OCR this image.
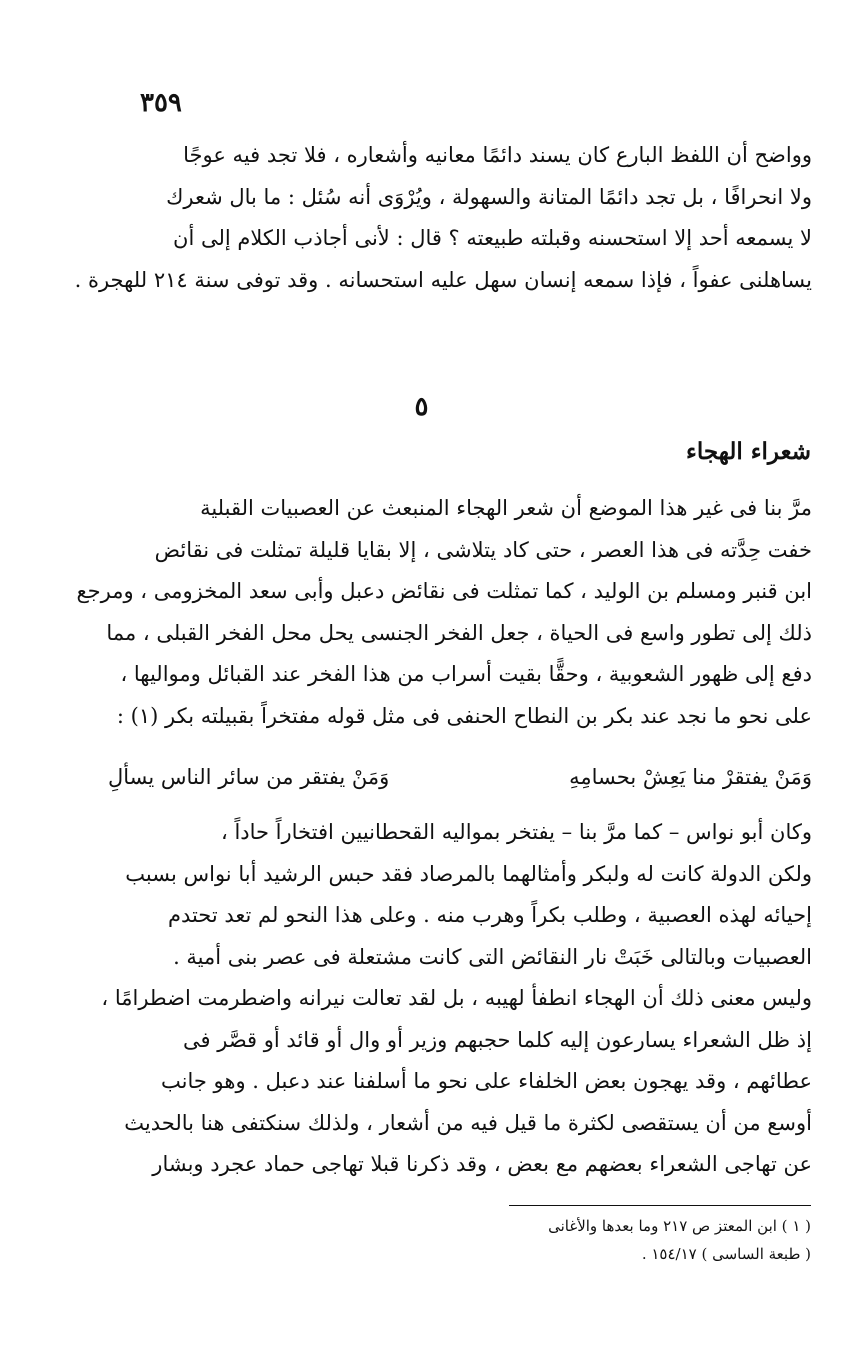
٣٥٩
وواضح أن اللفظ البارع كان يسند دائمًا معانيه وأشعاره ، فلا تجد فيه عوجًا
ولا انحرافًا ، بل تجد دائمًا المتانة والسهولة ، ويُرْوَى أنه سُئل : ما بال شعرك
لا يسمعه أحد إلا استحسنه وقبلته طبيعته ؟ قال : لأنى أجاذب الكلام إلى أن
يساهلنى عفواً ، فإذا سمعه إنسان سهل عليه استحسانه . وقد توفى سنة ٢١٤ للهجرة .
٥
شعراء الهجاء
مرَّ بنا فى غير هذا الموضع أن شعر الهجاء المنبعث عن العصبيات القبلية
خفت حِدَّته فى هذا العصر ، حتى كاد يتلاشى ، إلا بقايا قليلة تمثلت فى نقائض
ابن قنبر ومسلم بن الوليد ، كما تمثلت فى نقائض دعبل وأبى سعد المخزومى ، ومرجع
ذلك إلى تطور واسع فى الحياة ، جعل الفخر الجنسى يحل محل الفخر القبلى ، مما
دفع إلى ظهور الشعوبية ، وحقًّا بقيت أسراب من هذا الفخر عند القبائل ومواليها ،
على نحو ما نجد عند بكر بن النطاح الحنفى فى مثل قوله مفتخراً بقبيلته بكر (١) :
وَمَنْ يفتقرْ منا يَعِشْ بحسامِهِ
وَمَنْ يفتقر من سائر الناس يسألِ
وكان أبو نواس – كما مرَّ بنا – يفتخر بمواليه القحطانيين افتخاراً حاداً ،
ولكن الدولة كانت له ولبكر وأمثالهما بالمرصاد فقد حبس الرشيد أبا نواس بسبب
إحيائه لهذه العصبية ، وطلب بكراً وهرب منه . وعلى هذا النحو لم تعد تحتدم
العصبيات وبالتالى خَبَتْ نار النقائض التى كانت مشتعلة فى عصر بنى أمية .
وليس معنى ذلك أن الهجاء انطفأ لهيبه ، بل لقد تعالت نيرانه واضطرمت اضطرامًا ،
إذ ظل الشعراء يسارعون إليه كلما حجبهم وزير أو وال أو قائد أو قصَّر فى
عطائهم ، وقد يهجون بعض الخلفاء على نحو ما أسلفنا عند دعبل . وهو جانب
أوسع من أن يستقصى لكثرة ما قيل فيه من أشعار ، ولذلك سنكتفى هنا بالحديث
عن تهاجى الشعراء بعضهم مع بعض ، وقد ذكرنا قبلا تهاجى حماد عجرد وبشار
( ١ ) ابن المعتز ص ٢١٧ وما بعدها والأغانى
( طبعة الساسى ) ١٥٤/١٧ .
